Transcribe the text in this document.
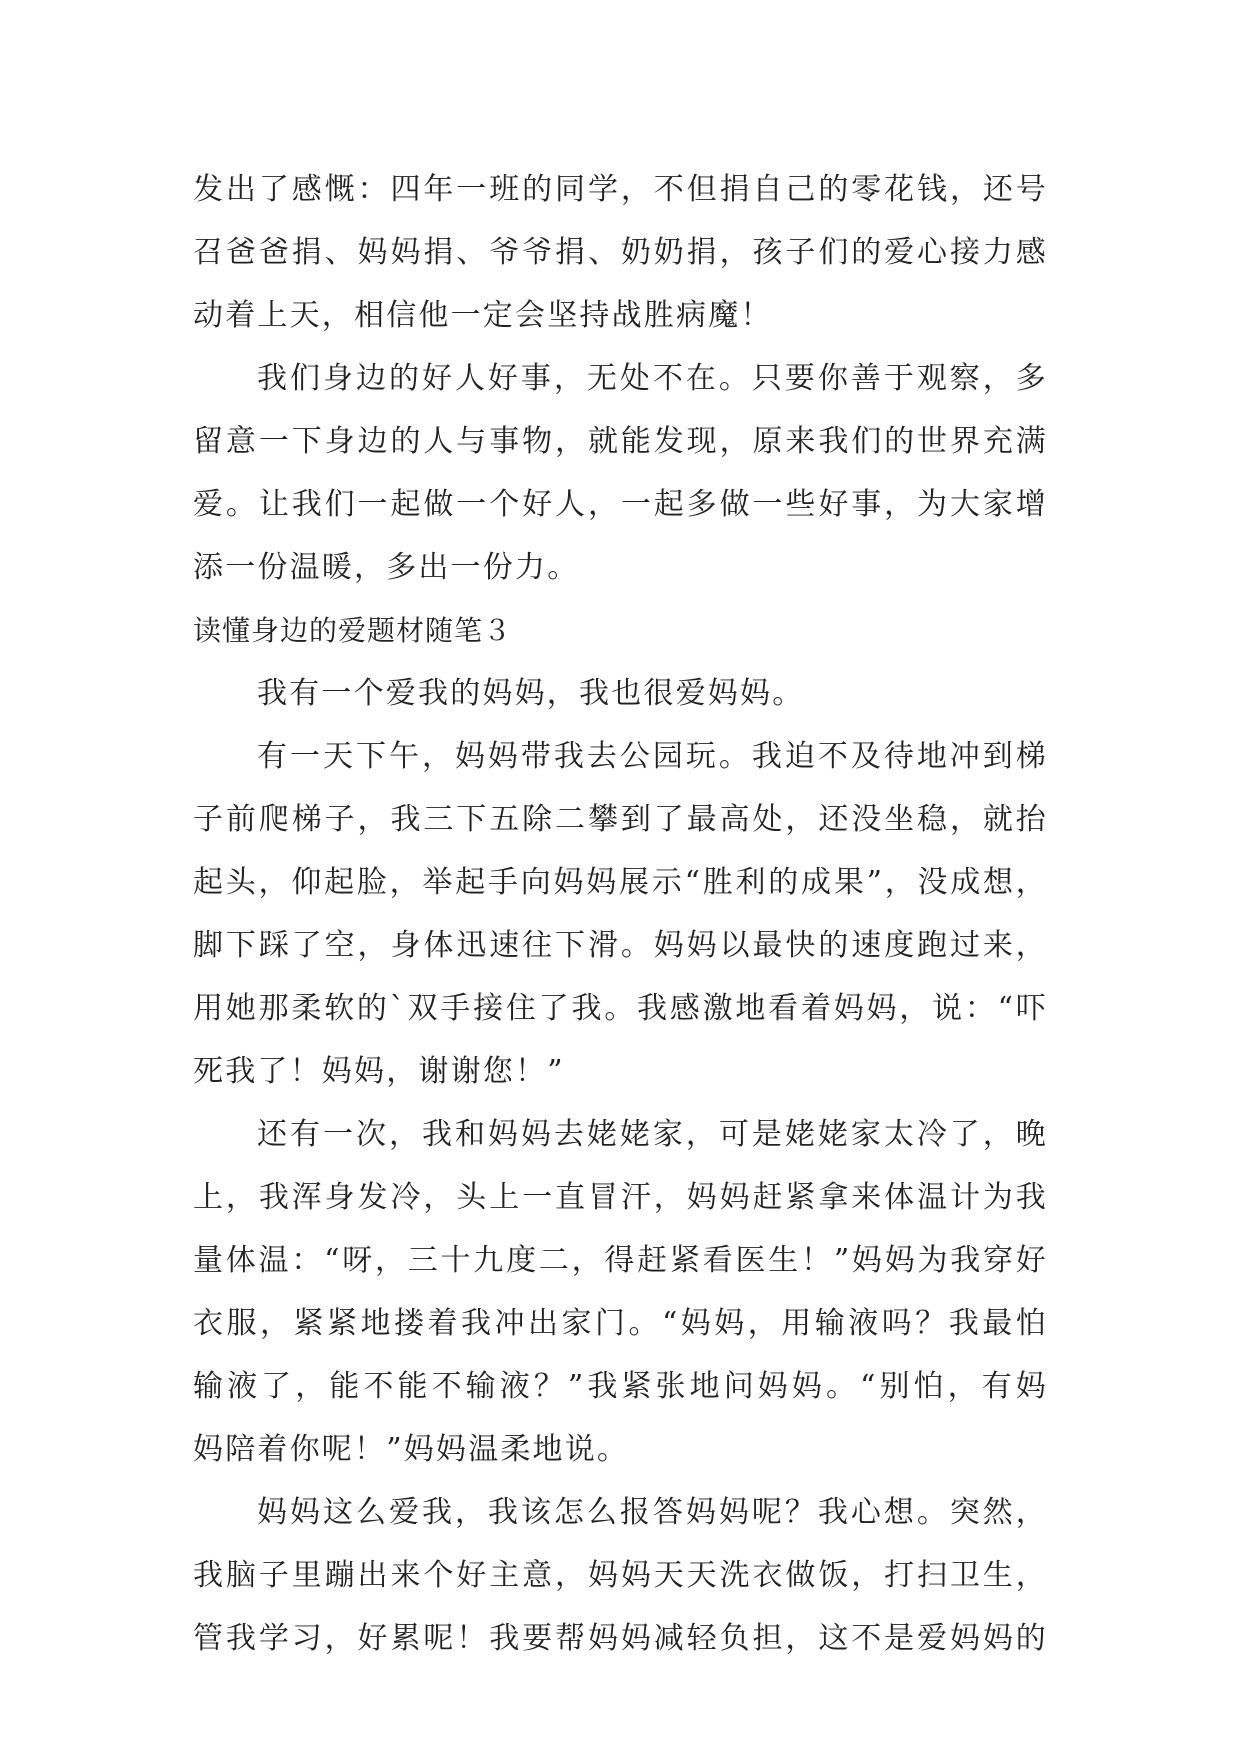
发出了感慨：四年一班的同学，不但捐自己的零花钱，还号
召爸爸捐、妈妈捐、爷爷捐、奶奶捐，孩子们的爱心接力感
动着上天，相信他一定会坚持战胜病魔！
我们身边的好人好事，无处不在。只要你善于观察，多
留意一下身边的人与事物，就能发现，原来我们的世界充满
爱。让我们一起做一个好人，一起多做一些好事，为大家增
添一份温暖，多出一份力。
读懂身边的爱题材随笔３
我有一个爱我的妈妈，我也很爱妈妈。
有一天下午，妈妈带我去公园玩。我迫不及待地冲到梯
子前爬梯子，我三下五除二攀到了最高处，还没坐稳，就抬
起头，仰起脸，举起手向妈妈展示“胜利的成果”，没成想，
脚下踩了空，身体迅速往下滑。妈妈以最快的速度跑过来，
用她那柔软的`双手接住了我。我感激地看着妈妈，说：“吓
死我了！妈妈，谢谢您！”
还有一次，我和妈妈去姥姥家，可是姥姥家太冷了，晚
上，我浑身发冷，头上一直冒汗，妈妈赶紧拿来体温计为我
量体温：“呀，三十九度二，得赶紧看医生！”妈妈为我穿好
衣服，紧紧地搂着我冲出家门。“妈妈，用输液吗？我最怕
输液了，能不能不输液？”我紧张地问妈妈。“别怕，有妈
妈陪着你呢！”妈妈温柔地说。
妈妈这么爱我，我该怎么报答妈妈呢？我心想。突然，
我脑子里蹦出来个好主意，妈妈天天洗衣做饭，打扫卫生，
管我学习，好累呢！我要帮妈妈减轻负担，这不是爱妈妈的
